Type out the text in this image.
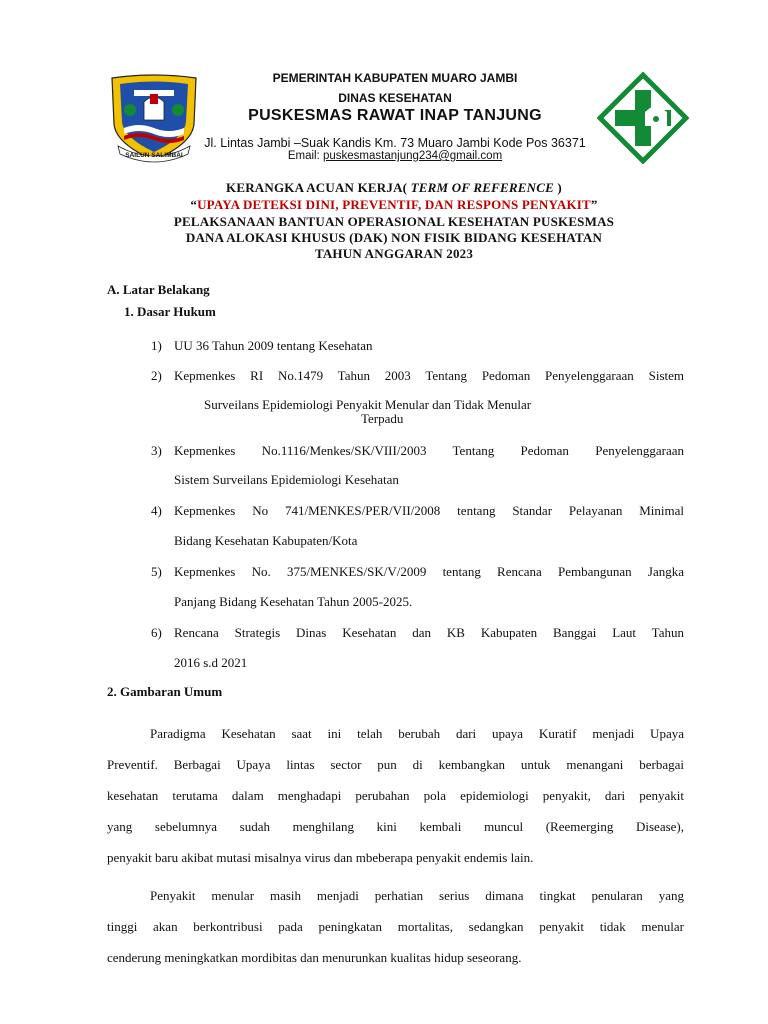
SAILUN SALIMBAI
PEMERINTAH KABUPATEN MUARO JAMBI
DINAS KESEHATAN
PUSKESMAS RAWAT INAP TANJUNG
Jl. Lintas Jambi –Suak Kandis Km. 73 Muaro Jambi Kode Pos 36371
Email: puskesmastanjung234@gmail.com
KERANGKA ACUAN KERJA( TERM OF REFERENCE )
“UPAYA DETEKSI DINI, PREVENTIF, DAN RESPONS PENYAKIT”
PELAKSANAAN BANTUAN OPERASIONAL KESEHATAN PUSKESMAS
DANA ALOKASI KHUSUS (DAK) NON FISIK BIDANG KESEHATAN
TAHUN ANGGARAN 2023
A. Latar Belakang
1. Dasar Hukum
1) UU 36 Tahun 2009 tentang Kesehatan
2) Kepmenkes RI No.1479 Tahun 2003 Tentang Pedoman Penyelenggaraan Sistem
Surveilans Epidemiologi Penyakit Menular dan Tidak Menular
Terpadu
3) Kepmenkes No.1116/Menkes/SK/VIII/2003 Tentang Pedoman Penyelenggaraan
Sistem Surveilans Epidemiologi Kesehatan
4) Kepmenkes No 741/MENKES/PER/VII/2008 tentang Standar Pelayanan Minimal
Bidang Kesehatan Kabupaten/Kota
5) Kepmenkes No. 375/MENKES/SK/V/2009 tentang Rencana Pembangunan Jangka
Panjang Bidang Kesehatan Tahun 2005-2025.
6) Rencana Strategis Dinas Kesehatan dan KB Kabupaten Banggai Laut Tahun
2016 s.d 2021
2. Gambaran Umum
Paradigma Kesehatan saat ini telah berubah dari upaya Kuratif menjadi Upaya
Preventif. Berbagai Upaya lintas sector pun di kembangkan untuk menangani berbagai
kesehatan terutama dalam menghadapi perubahan pola epidemiologi penyakit, dari penyakit
yang sebelumnya sudah menghilang kini kembali muncul (Reemerging Disease),
penyakit baru akibat mutasi misalnya virus dan mbeberapa penyakit endemis lain.
Penyakit menular masih menjadi perhatian serius dimana tingkat penularan yang
tinggi akan berkontribusi pada peningkatan mortalitas, sedangkan penyakit tidak menular
cenderung meningkatkan mordibitas dan menurunkan kualitas hidup seseorang.
